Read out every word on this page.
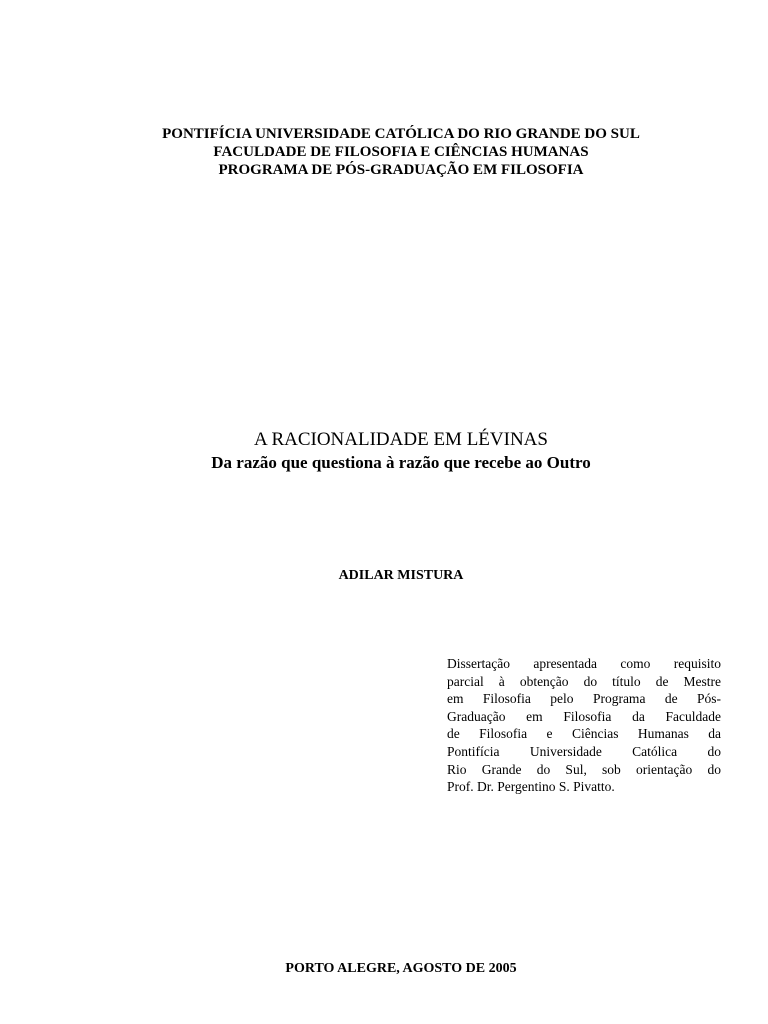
PONTIFÍCIA UNIVERSIDADE CATÓLICA DO RIO GRANDE DO SUL
FACULDADE DE FILOSOFIA E CIÊNCIAS HUMANAS
PROGRAMA DE PÓS-GRADUAÇÃO EM FILOSOFIA
A RACIONALIDADE EM LÉVINAS
Da razão que questiona à razão que recebe ao Outro
ADILAR MISTURA
Dissertação apresentada como requisito
parcial à obtenção do título de Mestre
em Filosofia pelo Programa de Pós-
Graduação em Filosofia da Faculdade
de Filosofia e Ciências Humanas da
Pontifícia Universidade Católica do
Rio Grande do Sul, sob orientação do
Prof. Dr. Pergentino S. Pivatto.
PORTO ALEGRE, AGOSTO DE 2005
